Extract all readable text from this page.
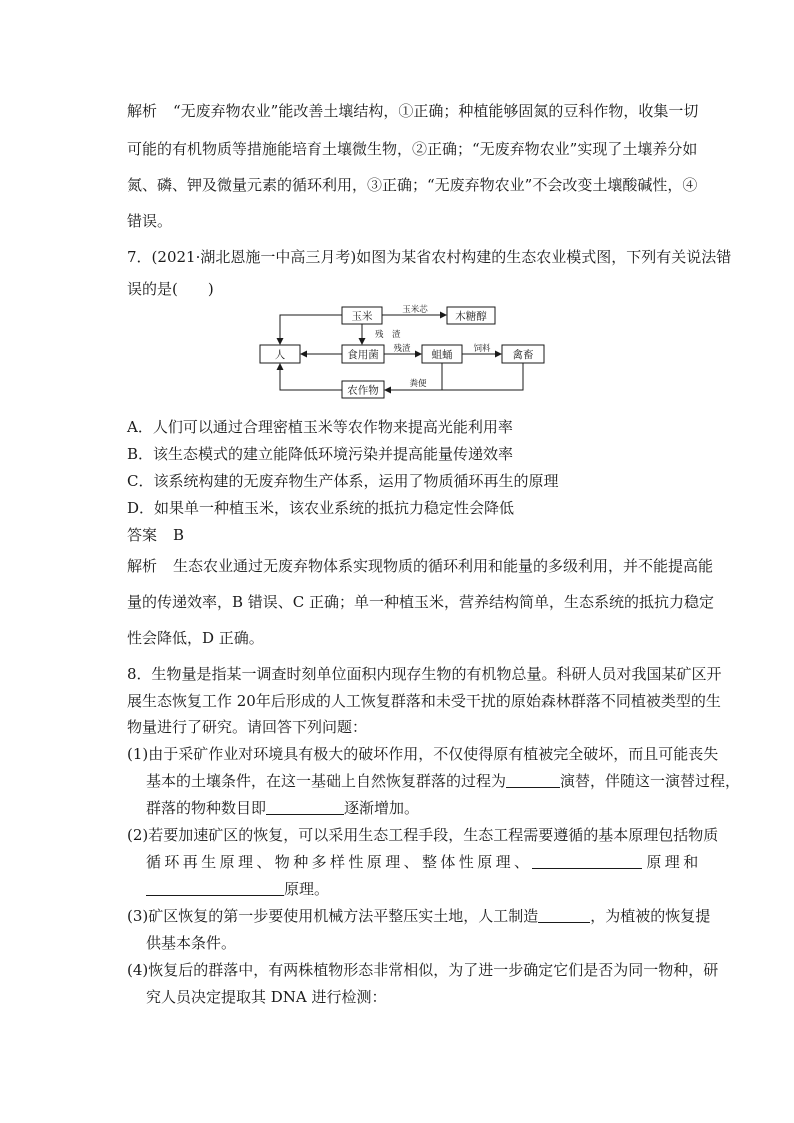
解析 “无废弃物农业”能改善土壤结构，①正确；种植能够固氮的豆科作物，收集一切
可能的有机物质等措施能培育土壤微生物，②正确；“无废弃物农业”实现了土壤养分如
氮、磷、钾及微量元素的循环利用，③正确；“无废弃物农业”不会改变土壤酸碱性，④
错误。
7．(2021·湖北恩施一中高三月考)如图为某省农村构建的生态农业模式图，下列有关说法错
误的是(　　)
玉米	木糖醇
人	食用菌	蛆蛹	禽畜
农作物
玉米芯
残　渣
残渣	饲料
粪便
A．人们可以通过合理密植玉米等农作物来提高光能利用率
B．该生态模式的建立能降低环境污染并提高能量传递效率
C．该系统构建的无废弃物生产体系，运用了物质循环再生的原理
D．如果单一种植玉米，该农业系统的抵抗力稳定性会降低
答案 B
解析 生态农业通过无废弃物体系实现物质的循环利用和能量的多级利用，并不能提高能
量的传递效率，B 错误、C 正确；单一种植玉米，营养结构简单，生态系统的抵抗力稳定
性会降低，D 正确。
8．生物量是指某一调查时刻单位面积内现存生物的有机物总量。科研人员对我国某矿区开
展生态恢复工作 20年后形成的人工恢复群落和未受干扰的原始森林群落不同植被类型的生
物量进行了研究。请回答下列问题：
(1)由于采矿作业对环境具有极大的破坏作用，不仅使得原有植被完全破坏，而且可能丧失
基本的土壤条件，在这一基础上自然恢复群落的过程为	演替，伴随这一演替过程，
群落的物种数目即	逐渐增加。
(2)若要加速矿区的恢复，可以采用生态工程手段，生态工程需要遵循的基本原理包括物质
循环再生原理、物种多样性原理、整体性原理、	原理和
原理。
(3)矿区恢复的第一步要使用机械方法平整压实土地，人工制造	，为植被的恢复提
供基本条件。
(4)恢复后的群落中，有两株植物形态非常相似，为了进一步确定它们是否为同一物种，研
究人员决定提取其 DNA 进行检测：
